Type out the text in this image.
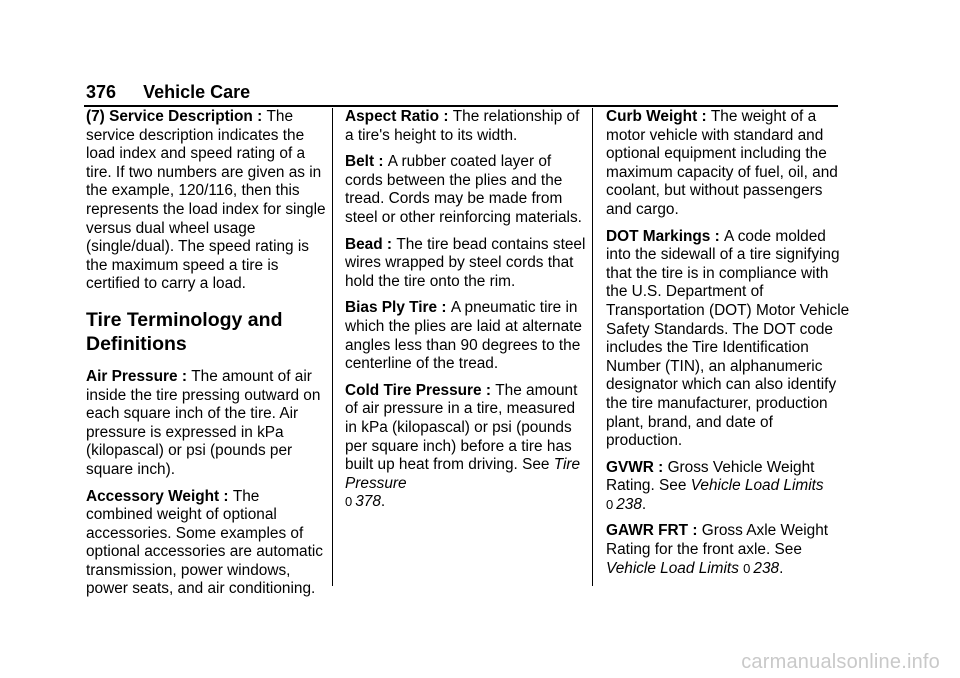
376 Vehicle Care

(7) Service Description : The service description indicates the load index and speed rating of a tire. If two numbers are given as in the example, 120/116, then this represents the load index for single versus dual wheel usage (single/dual). The speed rating is the maximum speed a tire is certified to carry a load.

Tire Terminology and Definitions

Air Pressure : The amount of air inside the tire pressing outward on each square inch of the tire. Air pressure is expressed in kPa (kilopascal) or psi (pounds per square inch).

Accessory Weight : The combined weight of optional accessories. Some examples of optional accessories are automatic transmission, power windows, power seats, and air conditioning.

Aspect Ratio : The relationship of a tire's height to its width.

Belt : A rubber coated layer of cords between the plies and the tread. Cords may be made from steel or other reinforcing materials.

Bead : The tire bead contains steel wires wrapped by steel cords that hold the tire onto the rim.

Bias Ply Tire : A pneumatic tire in which the plies are laid at alternate angles less than 90 degrees to the centerline of the tread.

Cold Tire Pressure : The amount of air pressure in a tire, measured in kPa (kilopascal) or psi (pounds per square inch) before a tire has built up heat from driving. See Tire Pressure
0 378.

Curb Weight : The weight of a motor vehicle with standard and optional equipment including the maximum capacity of fuel, oil, and coolant, but without passengers and cargo.

DOT Markings : A code molded into the sidewall of a tire signifying that the tire is in compliance with the U.S. Department of Transportation (DOT) Motor Vehicle Safety Standards. The DOT code includes the Tire Identification Number (TIN), an alphanumeric designator which can also identify the tire manufacturer, production plant, brand, and date of production.

GVWR : Gross Vehicle Weight Rating. See Vehicle Load Limits
0 238.

GAWR FRT : Gross Axle Weight Rating for the front axle. See Vehicle Load Limits 0 238.

carmanualsonline.info
